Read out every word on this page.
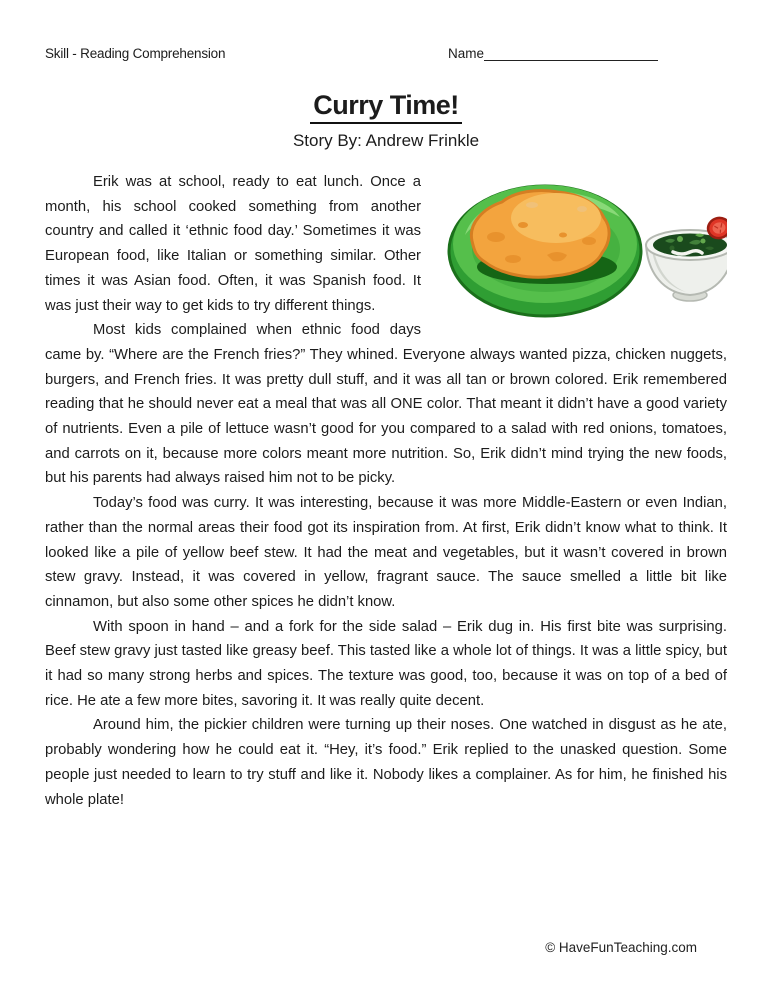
Skill - Reading Comprehension	Name
Curry Time!
Story By: Andrew Frinkle

Erik was at school, ready to eat lunch. Once a month, his school cooked something from another country and called it ‘ethnic food day.’ Sometimes it was European food, like Italian or something similar. Other times it was Asian food. Often, it was Spanish food. It was just their way to get kids to try different things.

Most kids complained when ethnic food days came by. “Where are the French fries?” They whined. Everyone always wanted pizza, chicken nuggets, burgers, and French fries. It was pretty dull stuff, and it was all tan or brown colored. Erik remembered reading that he should never eat a meal that was all ONE color. That meant it didn’t have a good variety of nutrients. Even a pile of lettuce wasn’t good for you compared to a salad with red onions, tomatoes, and carrots on it, because more colors meant more nutrition. So, Erik didn’t mind trying the new foods, but his parents had always raised him not to be picky.

Today’s food was curry. It was interesting, because it was more Middle-Eastern or even Indian, rather than the normal areas their food got its inspiration from. At first, Erik didn’t know what to think. It looked like a pile of yellow beef stew. It had the meat and vegetables, but it wasn’t covered in brown stew gravy. Instead, it was covered in yellow, fragrant sauce. The sauce smelled a little bit like cinnamon, but also some other spices he didn’t know.

With spoon in hand – and a fork for the side salad – Erik dug in. His first bite was surprising. Beef stew gravy just tasted like greasy beef. This tasted like a whole lot of things. It was a little spicy, but it had so many strong herbs and spices. The texture was good, too, because it was on top of a bed of rice. He ate a few more bites, savoring it. It was really quite decent.

Around him, the pickier children were turning up their noses. One watched in disgust as he ate, probably wondering how he could eat it. “Hey, it’s food.” Erik replied to the unasked question. Some people just needed to learn to try stuff and like it. Nobody likes a complainer. As for him, he finished his whole plate!

© HaveFunTeaching.com
